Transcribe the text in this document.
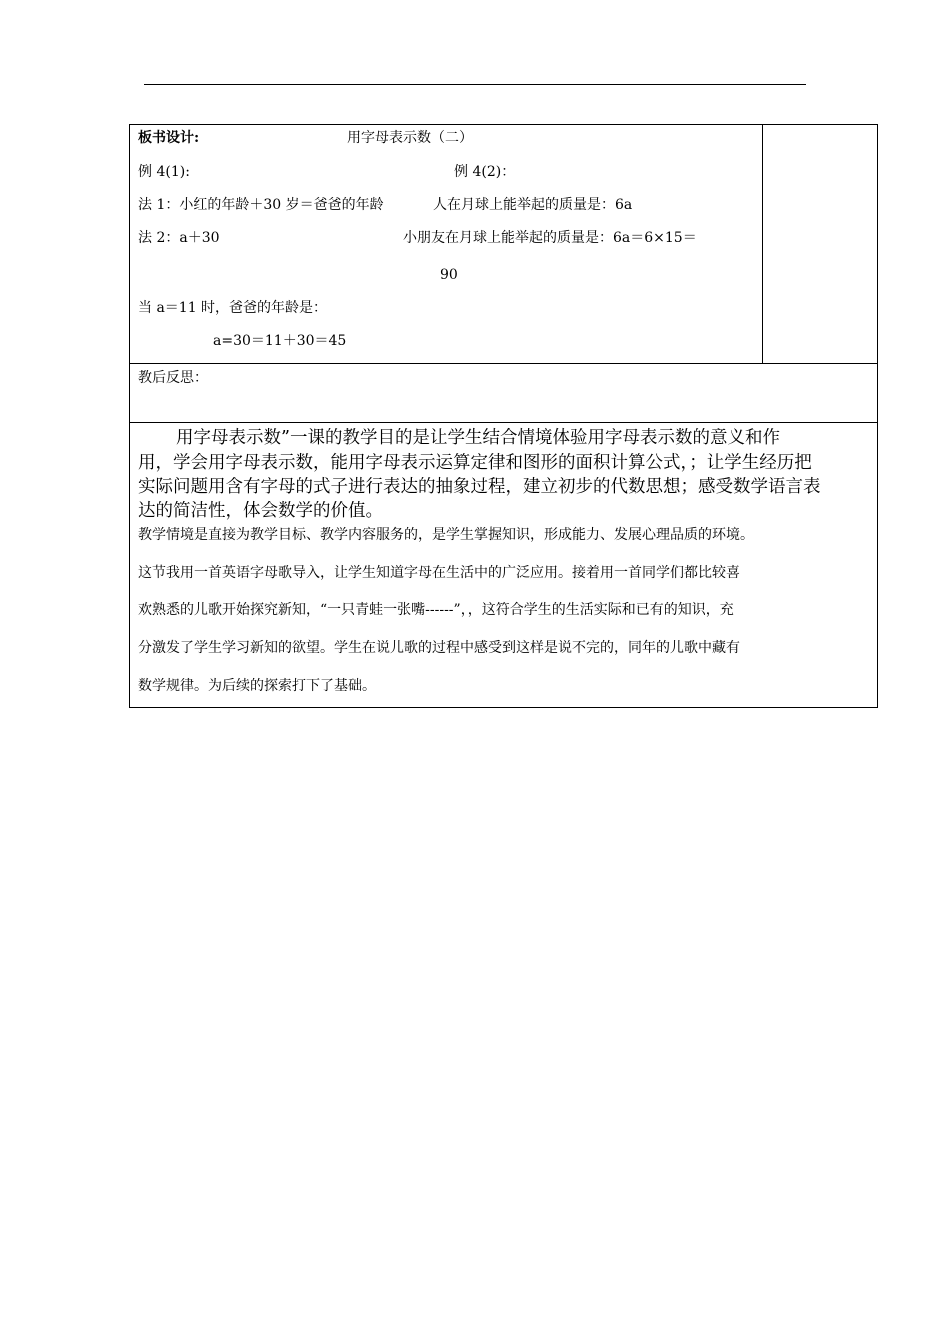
板书设计:	用字母表示数（二）
例 4(1):	例 4(2)：
法 1：小红的年龄＋30 岁＝爸爸的年龄	人在月球上能举起的质量是：6a
法 2：a＋30	小朋友在月球上能举起的质量是：6a＝6×15＝
90
当 a＝11 时，爸爸的年龄是：
a=30＝11＋30＝45
教后反思：
用字母表示数”一课的教学目的是让学生结合情境体验用字母表示数的意义和作
用，学会用字母表示数，能用字母表示运算定律和图形的面积计算公式，；让学生经历把
实际问题用含有字母的式子进行表达的抽象过程，建立初步的代数思想；感受数学语言表
达的简洁性，体会数学的价值。
教学情境是直接为教学目标、教学内容服务的，是学生掌握知识，形成能力、发展心理品质的环境。
这节我用一首英语字母歌导入，让学生知道字母在生活中的广泛应用。接着用一首同学们都比较喜
欢熟悉的儿歌开始探究新知，“一只青蛙一张嘴------”，，这符合学生的生活实际和已有的知识，充
分激发了学生学习新知的欲望。学生在说儿歌的过程中感受到这样是说不完的，同年的儿歌中藏有
数学规律。为后续的探索打下了基础。
